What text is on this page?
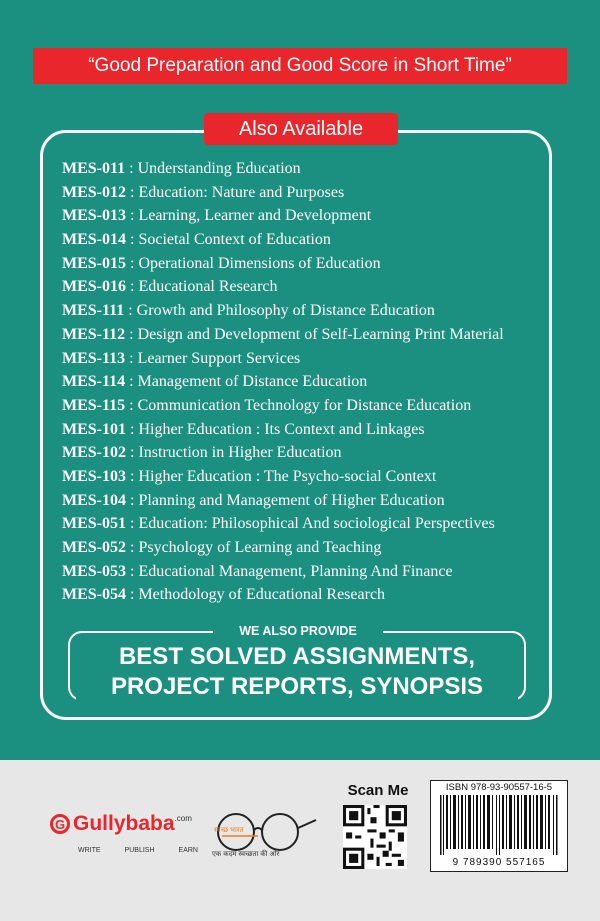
“Good Preparation and Good Score in Short Time”
Also Available
MES-011 : Understanding Education
MES-012 : Education: Nature and Purposes
MES-013 : Learning, Learner and Development
MES-014 : Societal Context of Education
MES-015 : Operational Dimensions of Education
MES-016 : Educational Research
MES-111 : Growth and Philosophy of Distance Education
MES-112 : Design and Development of Self-Learning Print Material
MES-113 : Learner Support Services
MES-114 : Management of Distance Education
MES-115 : Communication Technology for Distance Education
MES-101 : Higher Education : Its Context and Linkages
MES-102 : Instruction in Higher Education
MES-103 : Higher Education : The Psycho-social Context
MES-104 : Planning and Management of Higher Education
MES-051 : Education: Philosophical And sociological Perspectives
MES-052 : Psychology of Learning and Teaching
MES-053 : Educational Management, Planning And Finance
MES-054 : Methodology of Educational Research
WE ALSO PROVIDE
BEST SOLVED ASSIGNMENTS,
PROJECT REPORTS, SYNOPSIS
G Gullybaba .com
WRITE	PUBLISH	EARN
स्वच्छ भारत
एक कदम स्वच्छता की ओर
Scan Me	ISBN 978-93-90557-16-5
9 789390 557165
